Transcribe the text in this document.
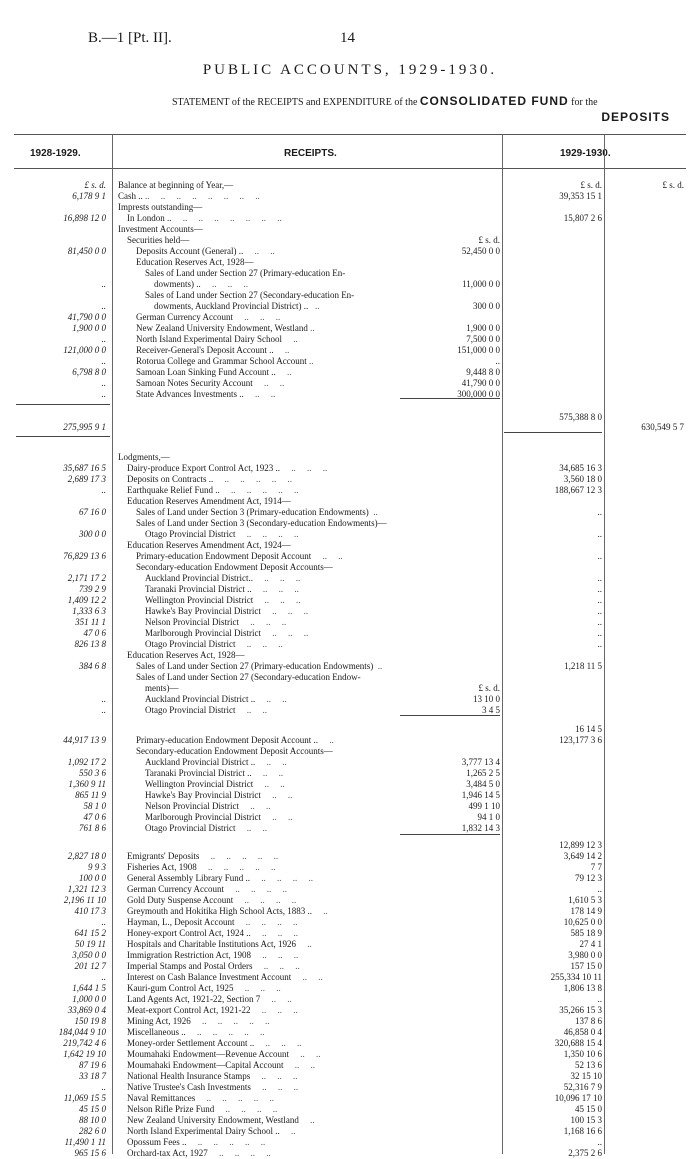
B.—1 [Pt. II].	14
PUBLIC ACCOUNTS, 1929-1930.
STATEMENT of the RECEIPTS and EXPENDITURE of the CONSOLIDATED FUND for the
DEPOSITS
1928-1929.	RECEIPTS.	1929-1930.
£ s. d. Balance at beginning of Year,—	£ s. d.	£ s. d.
6,178 9 1 Cash .. ..     ..     ..     ..     ..     ..     ..     ..	39,353 15 1
Imprests outstanding—
16,898 12 0 In London ..     ..     ..     ..     ..     ..     ..     ..	15,807 2 6
Investment Accounts—
Securities held—	£ s. d.
81,450 0 0 Deposits Account (General) ..     ..     ..	52,450 0 0
Education Reserves Act, 1928—
Sales of Land under Section 27 (Primary-education En-
.. dowments) ..     ..     ..     ..	11,000 0 0
Sales of Land under Section 27 (Secondary-education En-
.. dowments, Auckland Provincial District) ..   ..	300 0 0
41,790 0 0 German Currency Account     ..     ..     ..
1,900 0 0 New Zealand University Endowment, Westland ..	1,900 0 0
.. North Island Experimental Dairy School     ..	7,500 0 0
121,000 0 0 Receiver-General's Deposit Account ..     ..	151,000 0 0
.. Rotorua College and Grammar School Account ..	..
6,798 8 0 Samoan Loan Sinking Fund Account ..     ..	9,448 8 0
.. Samoan Notes Security Account     ..     ..	41,790 0 0
.. State Advances Investments ..     ..     ..	300,000 0 0
575,388 8 0
275,995 9 1	630,549 5 7
Lodgments,—
35,687 16 5 Dairy-produce Export Control Act, 1923 ..     ..     ..     ..	34,685 16 3
2,689 17 3 Deposits on Contracts ..     ..     ..     ..     ..     ..	3,560 18 0
.. Earthquake Relief Fund ..     ..     ..     ..     ..     ..	188,667 12 3
Education Reserves Amendment Act, 1914—
67 16 0 Sales of Land under Section 3 (Primary-education Endowments)  ..	..
Sales of Land under Section 3 (Secondary-education Endowments)—
300 0 0 Otago Provincial District     ..     ..     ..     ..	..
Education Reserves Amendment Act, 1924—
76,829 13 6 Primary-education Endowment Deposit Account     ..     ..	..
Secondary-education Endowment Deposit Accounts—
2,171 17 2 Auckland Provincial District..     ..     ..     ..	..
739 2 9 Taranaki Provincial District ..     ..     ..     ..	..
1,409 12 2 Wellington Provincial District     ..     ..     ..	..
1,333 6 3 Hawke's Bay Provincial District     ..     ..     ..	..
351 11 1 Nelson Provincial District     ..     ..     ..	..
47 0 6 Marlborough Provincial District     ..     ..     ..	..
826 13 8 Otago Provincial District     ..     ..     ..	..
Education Reserves Act, 1928—
384 6 8 Sales of Land under Section 27 (Primary-education Endowments)  ..	1,218 11 5
Sales of Land under Section 27 (Secondary-education Endow-
ments)—	£ s. d.
.. Auckland Provincial District ..     ..     ..	13 10 0
.. Otago Provincial District     ..     ..	3 4 5
16 14 5
44,917 13 9 Primary-education Endowment Deposit Account ..     ..	123,177 3 6
Secondary-education Endowment Deposit Accounts—
1,092 17 2 Auckland Provincial District ..     ..     ..	3,777 13 4
550 3 6 Taranaki Provincial District ..     ..     ..	1,265 2 5
1,360 9 11 Wellington Provincial District     ..     ..	3,484 5 0
865 11 9 Hawke's Bay Provincial District     ..     ..	1,946 14 5
58 1 0 Nelson Provincial District     ..     ..	499 1 10
47 0 6 Marlborough Provincial District     ..     ..	94 1 0
761 8 6 Otago Provincial District     ..     ..	1,832 14 3
12,899 12 3
2,827 18 0 Emigrants' Deposits     ..     ..     ..     ..     ..	3,649 14 2
9 9 3 Fisheries Act, 1908     ..     ..     ..     ..     ..	7 7
100 0 0 General Assembly Library Fund ..     ..     ..     ..     ..	79 12 3
1,321 12 3 German Currency Account     ..     ..     ..     ..	..
2,196 11 10 Gold Duty Suspense Account     ..     ..     ..     ..	1,610 5 3
410 17 3 Greymouth and Hokitika High School Acts, 1883 ..     ..	178 14 9
.. Hayman, L., Deposit Account     ..     ..     ..     ..	10,625 0 0
641 15 2 Honey-export Control Act, 1924 ..     ..     ..     ..	585 18 9
50 19 11 Hospitals and Charitable Institutions Act, 1926     ..	27 4 1
3,050 0 0 Immigration Restriction Act, 1908     ..     ..     ..	3,980 0 0
201 12 7 Imperial Stamps and Postal Orders     ..     ..     ..	157 15 0
.. Interest on Cash Balance Investment Account     ..     ..	255,334 10 11
1,644 1 5 Kauri-gum Control Act, 1925     ..     ..     ..	1,806 13 8
1,000 0 0 Land Agents Act, 1921-22, Section 7     ..     ..	..
33,869 0 4 Meat-export Control Act, 1921-22     ..     ..     ..	35,266 15 3
150 19 8 Mining Act, 1926     ..     ..     ..     ..     ..	137 8 6
184,044 9 10 Miscellaneous ..     ..     ..     ..     ..     ..	46,858 0 4
219,742 4 6 Money-order Settlement Account ..     ..     ..     ..	320,688 15 4
1,642 19 10 Moumahaki Endowment—Revenue Account     ..     ..	1,350 10 6
87 19 6 Moumahaki Endowment—Capital Account     ..     ..	52 13 6
33 18 7 National Health Insurance Stamps     ..     ..     ..	32 15 10
.. Native Trustee's Cash Investments     ..     ..     ..	52,316 7 9
11,069 15 5 Naval Remittances     ..     ..     ..     ..     ..	10,096 17 10
45 15 0 Nelson Rifle Prize Fund     ..     ..     ..     ..	45 15 0
88 10 0 New Zealand University Endowment, Westland     ..	100 15 3
282 6 0 North Island Experimental Dairy School ..     ..	1,168 16 6
11,490 1 11 Opossum Fees ..     ..     ..     ..     ..     ..	..
965 15 6 Orchard-tax Act, 1927     ..     ..     ..     ..	2,375 2 6
